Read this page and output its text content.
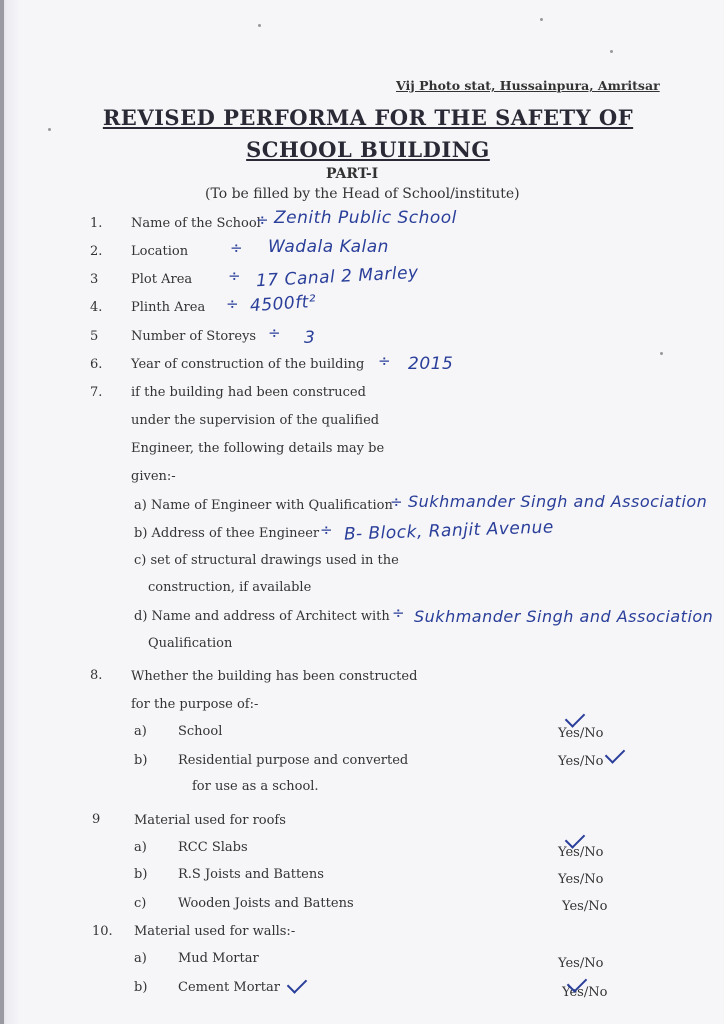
Vij Photo stat, Hussainpura, Amritsar
REVISED PERFORMA FOR THE SAFETY OF SCHOOL BUILDING
PART-I
(To be filled by the Head of School/institute)
1. Name of the School
÷ Zenith Public School
2. Location	÷ Wadala Kalan
3	Plot Area ÷ 17 Canal 2 Marley
4. Plinth Area ÷ 4500ft²
5	Number of Storeys ÷ 3
6. Year of construction of the building ÷ 2015
7. if the building had been construced
under the supervision of the qualified
Engineer, the following details may be
given:-
a) Name of Engineer with Qualification
÷ Sukhmander Singh and Association
b) Address of thee Engineer ÷ B- Block, Ranjit Avenue
c) set of structural drawings used in the
construction, if available
d) Name and address of Architect with ÷ Sukhmander Singh and Association
Qualification
8. Whether the building has been constructed
for the purpose of:-
a) School	Yes/No
b) Residential purpose and converted
for use as a school.
Yes/No
9	Material used for roofs
a) RCC Slabs	Yes/No
b) R.S Joists and Battens	Yes/No
c) Wooden Joists and Battens	Yes/No
10. Material used for walls:-
a) Mud Mortar	Yes/No
b) Cement Mortar	Yes/No
